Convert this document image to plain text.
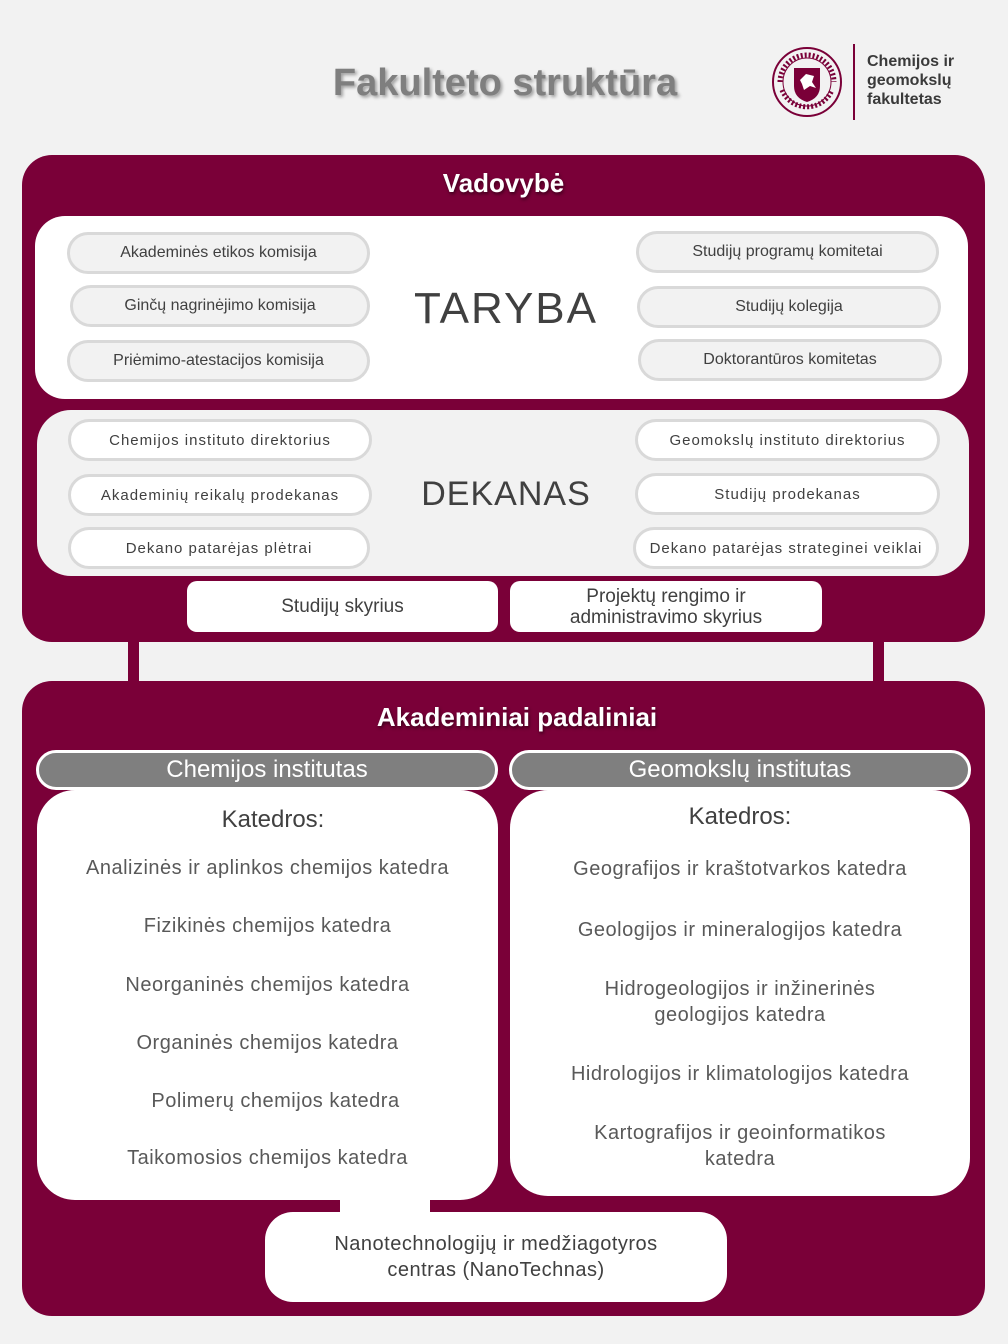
Fakulteto struktūra
Chemijos ir
geomokslų
fakultetas
Vadovybė
TARYBA
Akademinės etikos komisija
Ginčų nagrinėjimo komisija
Priėmimo-atestacijos komisija
Studijų programų komitetai
Studijų kolegija
Doktorantūros komitetas
DEKANAS
Chemijos instituto direktorius
Akademinių reikalų prodekanas
Dekano patarėjas plėtrai
Geomokslų instituto direktorius
Studijų prodekanas
Dekano patarėjas strateginei veiklai
Studijų skyrius	Projektų rengimo ir
administravimo skyrius
Akademiniai padaliniai
Chemijos institutas	Geomokslų institutas
Katedros:	Katedros:
Analizinės ir aplinkos chemijos katedra
Fizikinės chemijos katedra
Neorganinės chemijos katedra
Organinės chemijos katedra
Polimerų chemijos katedra
Taikomosios chemijos katedra
Geografijos ir kraštotvarkos katedra
Geologijos ir mineralogijos katedra
Hidrogeologijos ir inžinerinės
geologijos katedra
Hidrologijos ir klimatologijos katedra
Kartografijos ir geoinformatikos
katedra
Nanotechnologijų ir medžiagotyros
centras (NanoTechnas)
